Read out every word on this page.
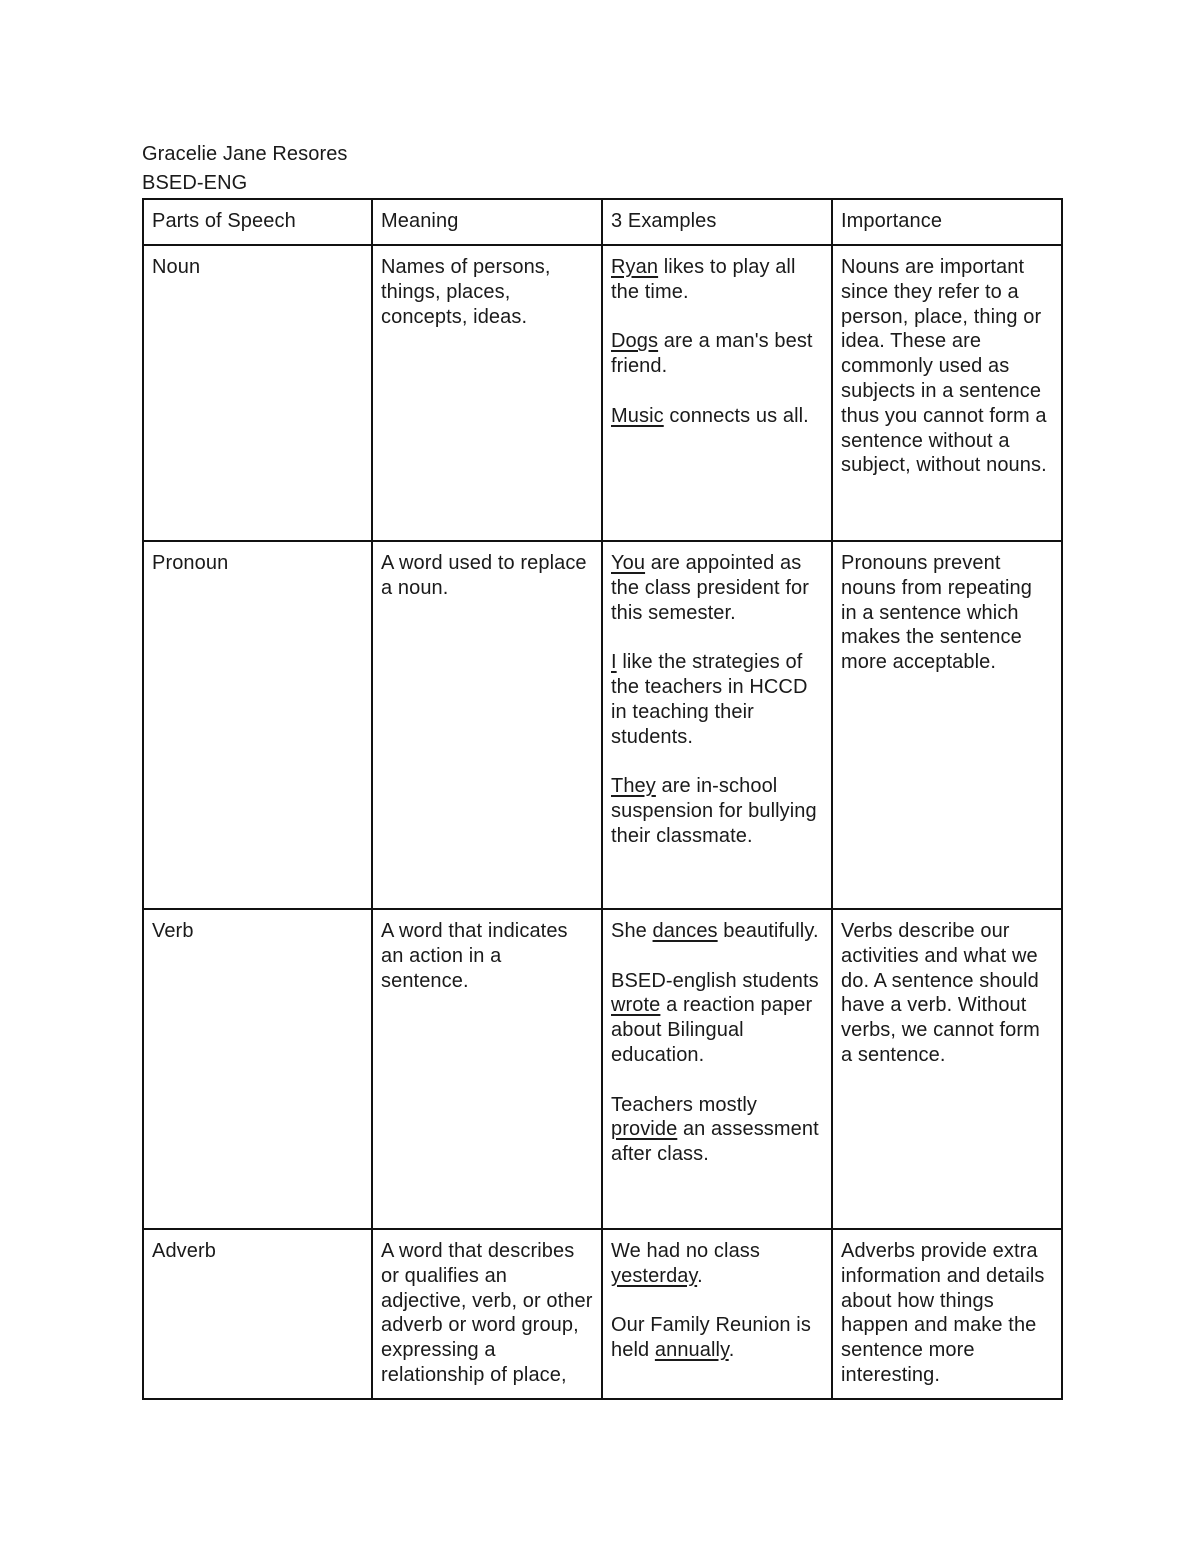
Gracelie Jane Resores
BSED-ENG
Parts of Speech	Meaning	3 Examples	Importance
Noun	Names of persons, things, places, concepts, ideas.	Ryan likes to play all the time.
Dogs are a man's best friend.
Music connects us all.	Nouns are important since they refer to a person, place, thing or idea. These are commonly used as subjects in a sentence thus you cannot form a sentence without a subject, without nouns.
Pronoun	A word used to replace a noun.	You are appointed as the class president for this semester.
I like the strategies of the teachers in HCCD in teaching their students.
They are in-school suspension for bullying their classmate.	Pronouns prevent nouns from repeating in a sentence which makes the sentence more acceptable.
Verb	A word that indicates an action in a sentence.	She dances beautifully.
BSED-english students wrote a reaction paper about Bilingual education.
Teachers mostly provide an assessment after class.	Verbs describe our activities and what we do. A sentence should have a verb. Without verbs, we cannot form a sentence.
Adverb	A word that describes or qualifies an adjective, verb, or other adverb or word group, expressing a relationship of place,	We had no class yesterday.
Our Family Reunion is held annually.	Adverbs provide extra information and details about how things happen and make the sentence more interesting.
